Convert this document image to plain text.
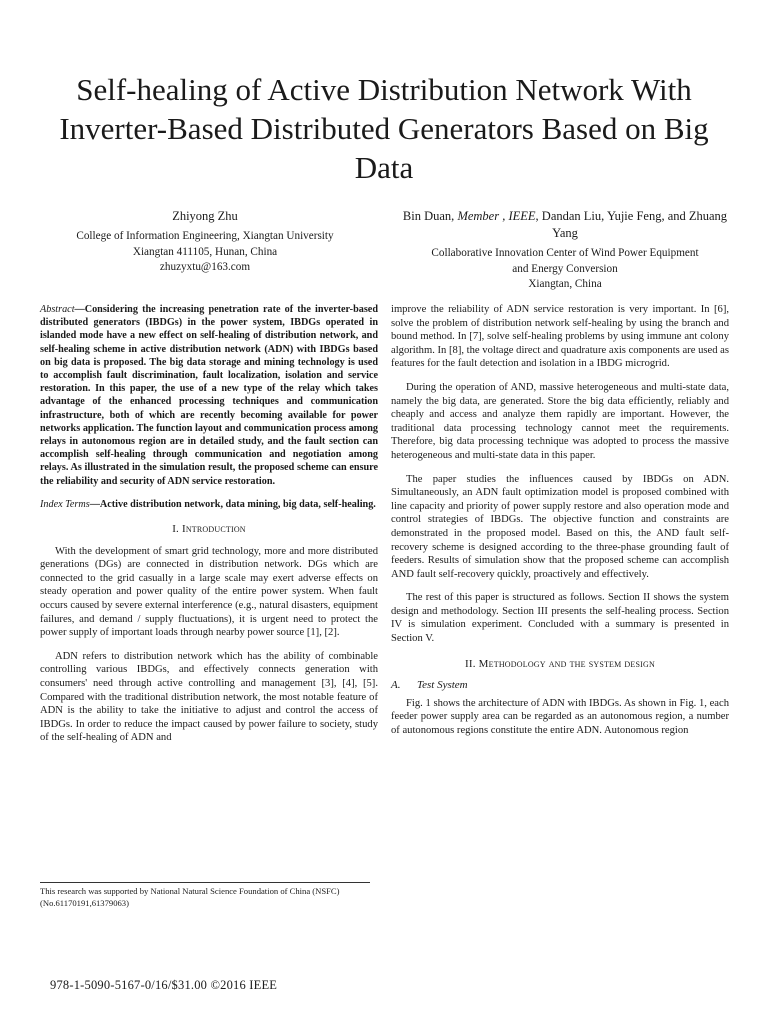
Self-healing of Active Distribution Network With Inverter-Based Distributed Generators Based on Big Data
Zhiyong Zhu
College of Information Engineering, Xiangtan University
Xiangtan 411105, Hunan, China
zhuzyxtu@163.com
Bin Duan, Member , IEEE, Dandan Liu, Yujie Feng, and Zhuang Yang
Collaborative Innovation Center of Wind Power Equipment
and Energy Conversion
Xiangtan, China

Abstract—Considering the increasing penetration rate of the inverter-based distributed generators (IBDGs) in the power system, IBDGs operated in islanded mode have a new effect on self-healing of distribution network, and self-healing scheme in active distribution network (ADN) with IBDGs based on big data is proposed. The big data storage and mining technology is used to accomplish fault discrimination, fault localization, isolation and service restoration. In this paper, the use of a new type of the relay which takes advantage of the enhanced processing techniques and communication infrastructure, both of which are recently becoming available for power networks application. The function layout and communication process among relays in autonomous region are in detailed study, and the fault section can accomplish self-healing through communication and negotiation among relays. As illustrated in the simulation result, the proposed scheme can ensure the reliability and security of ADN service restoration.

Index Terms—Active distribution network, data mining, big data, self-healing.

I. Introduction

With the development of smart grid technology, more and more distributed generations (DGs) are connected in distribution network. DGs which are connected to the grid casually in a large scale may exert adverse effects on steady operation and power quality of the entire power system. When fault occurs caused by severe external interference (e.g., natural disasters, equipment failures, and demand / supply fluctuations), it is urgent need to protect the power supply of important loads through nearby power source [1], [2].

ADN refers to distribution network which has the ability of combinable controlling various IBDGs, and effectively connects generation with consumers' need through active controlling and management [3], [4], [5]. Compared with the traditional distribution network, the most notable feature of ADN is the ability to take the initiative to adjust and control the access of IBDGs. In order to reduce the impact caused by power failure to society, study of the self-healing of ADN and

improve the reliability of ADN service restoration is very important. In [6], solve the problem of distribution network self-healing by using the branch and bound method. In [7], solve self-healing problems by using immune ant colony algorithm. In [8], the voltage direct and quadrature axis components are used as features for the fault detection and isolation in a IBDG microgrid.

During the operation of AND, massive heterogeneous and multi-state data, namely the big data, are generated. Store the big data efficiently, reliably and cheaply and access and analyze them rapidly are important. However, the traditional data processing technology cannot meet the requirements. Therefore, big data processing technique was adopted to process the massive heterogeneous and multi-state data in this paper.

The paper studies the influences caused by IBDGs on ADN. Simultaneously, an ADN fault optimization model is proposed combined with line capacity and priority of power supply restore and also operation mode and control strategies of IBDGs. The objective function and constraints are demonstrated in the proposed model. Based on this, the AND fault self- recovery scheme is designed according to the three-phase grounding fault of feeders. Results of simulation show that the proposed scheme can accomplish AND fault self-recovery quickly, proactively and effectively.

The rest of this paper is structured as follows. Section II shows the system design and methodology. Section III presents the self-healing process. Section IV is simulation experiment. Concluded with a summary is presented in Section V.

II. Methodology and the system design
A. Test System

Fig. 1 shows the architecture of ADN with IBDGs. As shown in Fig. 1, each feeder power supply area can be regarded as an autonomous region, a number of autonomous regions constitute the entire ADN. Autonomous region

This research was supported by National Natural Science Foundation of China (NSFC) (No.61170191,61379063)
978-1-5090-5167-0/16/$31.00 ©2016 IEEE
